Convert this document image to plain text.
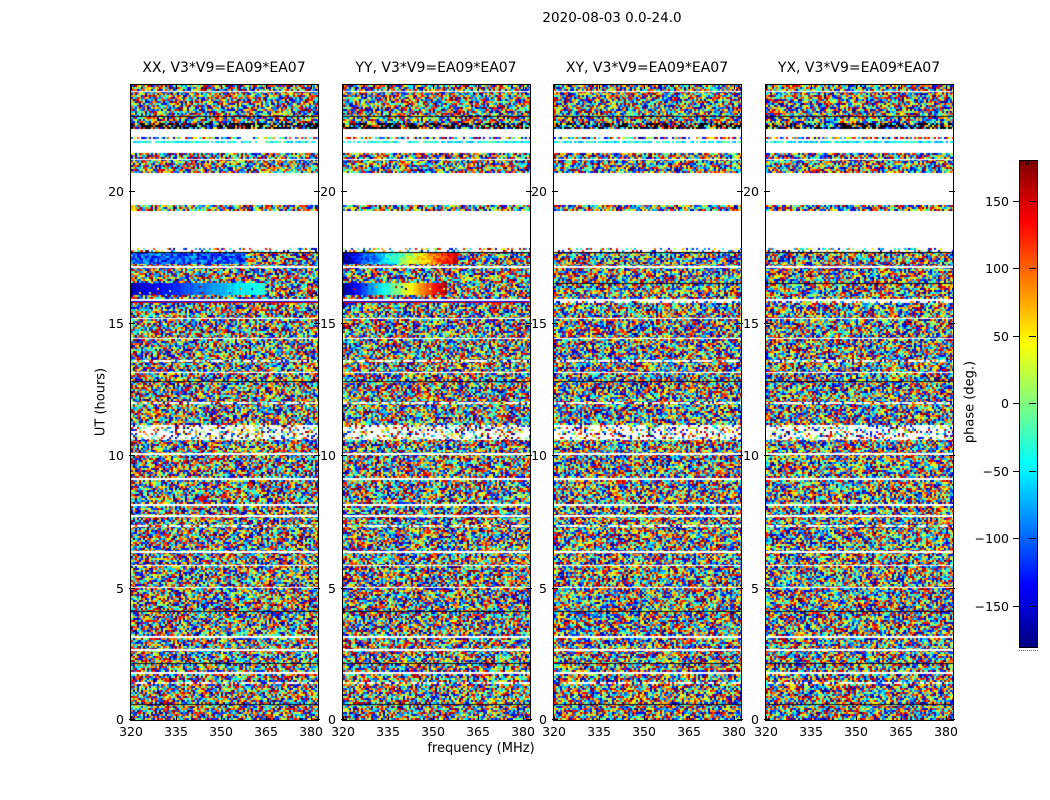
2020-08-03 0.0-24.0
XX, V3*V9=EA09*EA07	YY, V3*V9=EA09*EA07	XY, V3*V9=EA09*EA07	YX, V3*V9=EA09*EA07
320	335	350	365	380
0
5
10
15
20
320	335	350	365	380
0
5
10
15
20
320	335	350	365	380
0
5
10
15
20
320	335	350	365	380
0
5
10
15
20
UT (hours)
frequency (MHz)
phase (deg.)
150
100
50
0
−50
−100
−150
